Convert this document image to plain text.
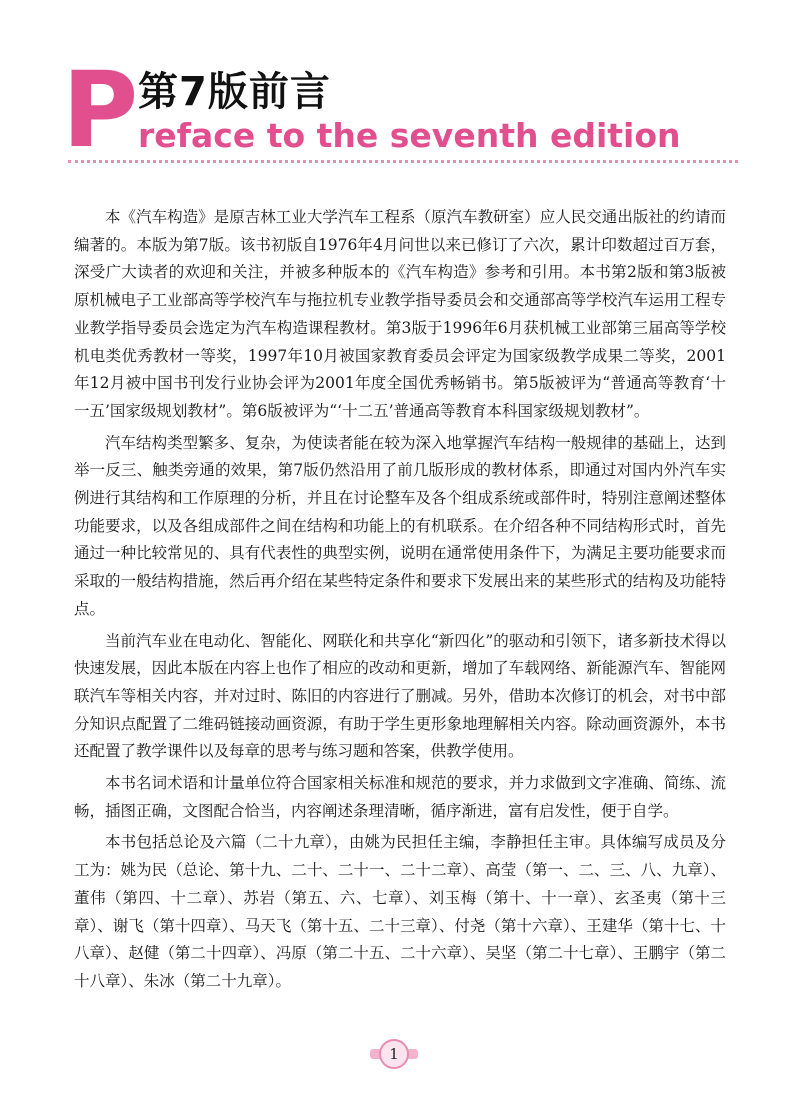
P 第7版前言
reface to the seventh edition

本《汽车构造》是原吉林工业大学汽车工程系（原汽车教研室）应人民交通出版社的约请而编著的。本版为第7版。该书初版自1976年4月问世以来已修订了六次，累计印数超过百万套，深受广大读者的欢迎和关注，并被多种版本的《汽车构造》参考和引用。本书第2版和第3版被原机械电子工业部高等学校汽车与拖拉机专业教学指导委员会和交通部高等学校汽车运用工程专业教学指导委员会选定为汽车构造课程教材。第3版于1996年6月获机械工业部第三届高等学校机电类优秀教材一等奖，1997年10月被国家教育委员会评定为国家级教学成果二等奖，2001年12月被中国书刊发行业协会评为2001年度全国优秀畅销书。第5版被评为“普通高等教育‘十一五’国家级规划教材”。第6版被评为“‘十二五’普通高等教育本科国家级规划教材”。

汽车结构类型繁多、复杂，为使读者能在较为深入地掌握汽车结构一般规律的基础上，达到举一反三、触类旁通的效果，第7版仍然沿用了前几版形成的教材体系，即通过对国内外汽车实例进行其结构和工作原理的分析，并且在讨论整车及各个组成系统或部件时，特别注意阐述整体功能要求，以及各组成部件之间在结构和功能上的有机联系。在介绍各种不同结构形式时，首先通过一种比较常见的、具有代表性的典型实例，说明在通常使用条件下，为满足主要功能要求而采取的一般结构措施，然后再介绍在某些特定条件和要求下发展出来的某些形式的结构及功能特点。

当前汽车业在电动化、智能化、网联化和共享化“新四化”的驱动和引领下，诸多新技术得以快速发展，因此本版在内容上也作了相应的改动和更新，增加了车载网络、新能源汽车、智能网联汽车等相关内容，并对过时、陈旧的内容进行了删减。另外，借助本次修订的机会，对书中部分知识点配置了二维码链接动画资源，有助于学生更形象地理解相关内容。除动画资源外，本书还配置了教学课件以及每章的思考与练习题和答案，供教学使用。

本书名词术语和计量单位符合国家相关标准和规范的要求，并力求做到文字准确、简练、流畅，插图正确，文图配合恰当，内容阐述条理清晰，循序渐进，富有启发性，便于自学。

本书包括总论及六篇（二十九章），由姚为民担任主编，李静担任主审。具体编写成员及分工为：姚为民（总论、第十九、二十、二十一、二十二章）、高莹（第一、二、三、八、九章）、董伟（第四、十二章）、苏岩（第五、六、七章）、刘玉梅（第十、十一章）、玄圣夷（第十三章）、谢飞（第十四章）、马天飞（第十五、二十三章）、付尧（第十六章）、王建华（第十七、十八章）、赵健（第二十四章）、冯原（第二十五、二十六章）、吴坚（第二十七章）、王鹏宇（第二十八章）、朱冰（第二十九章）。

1
